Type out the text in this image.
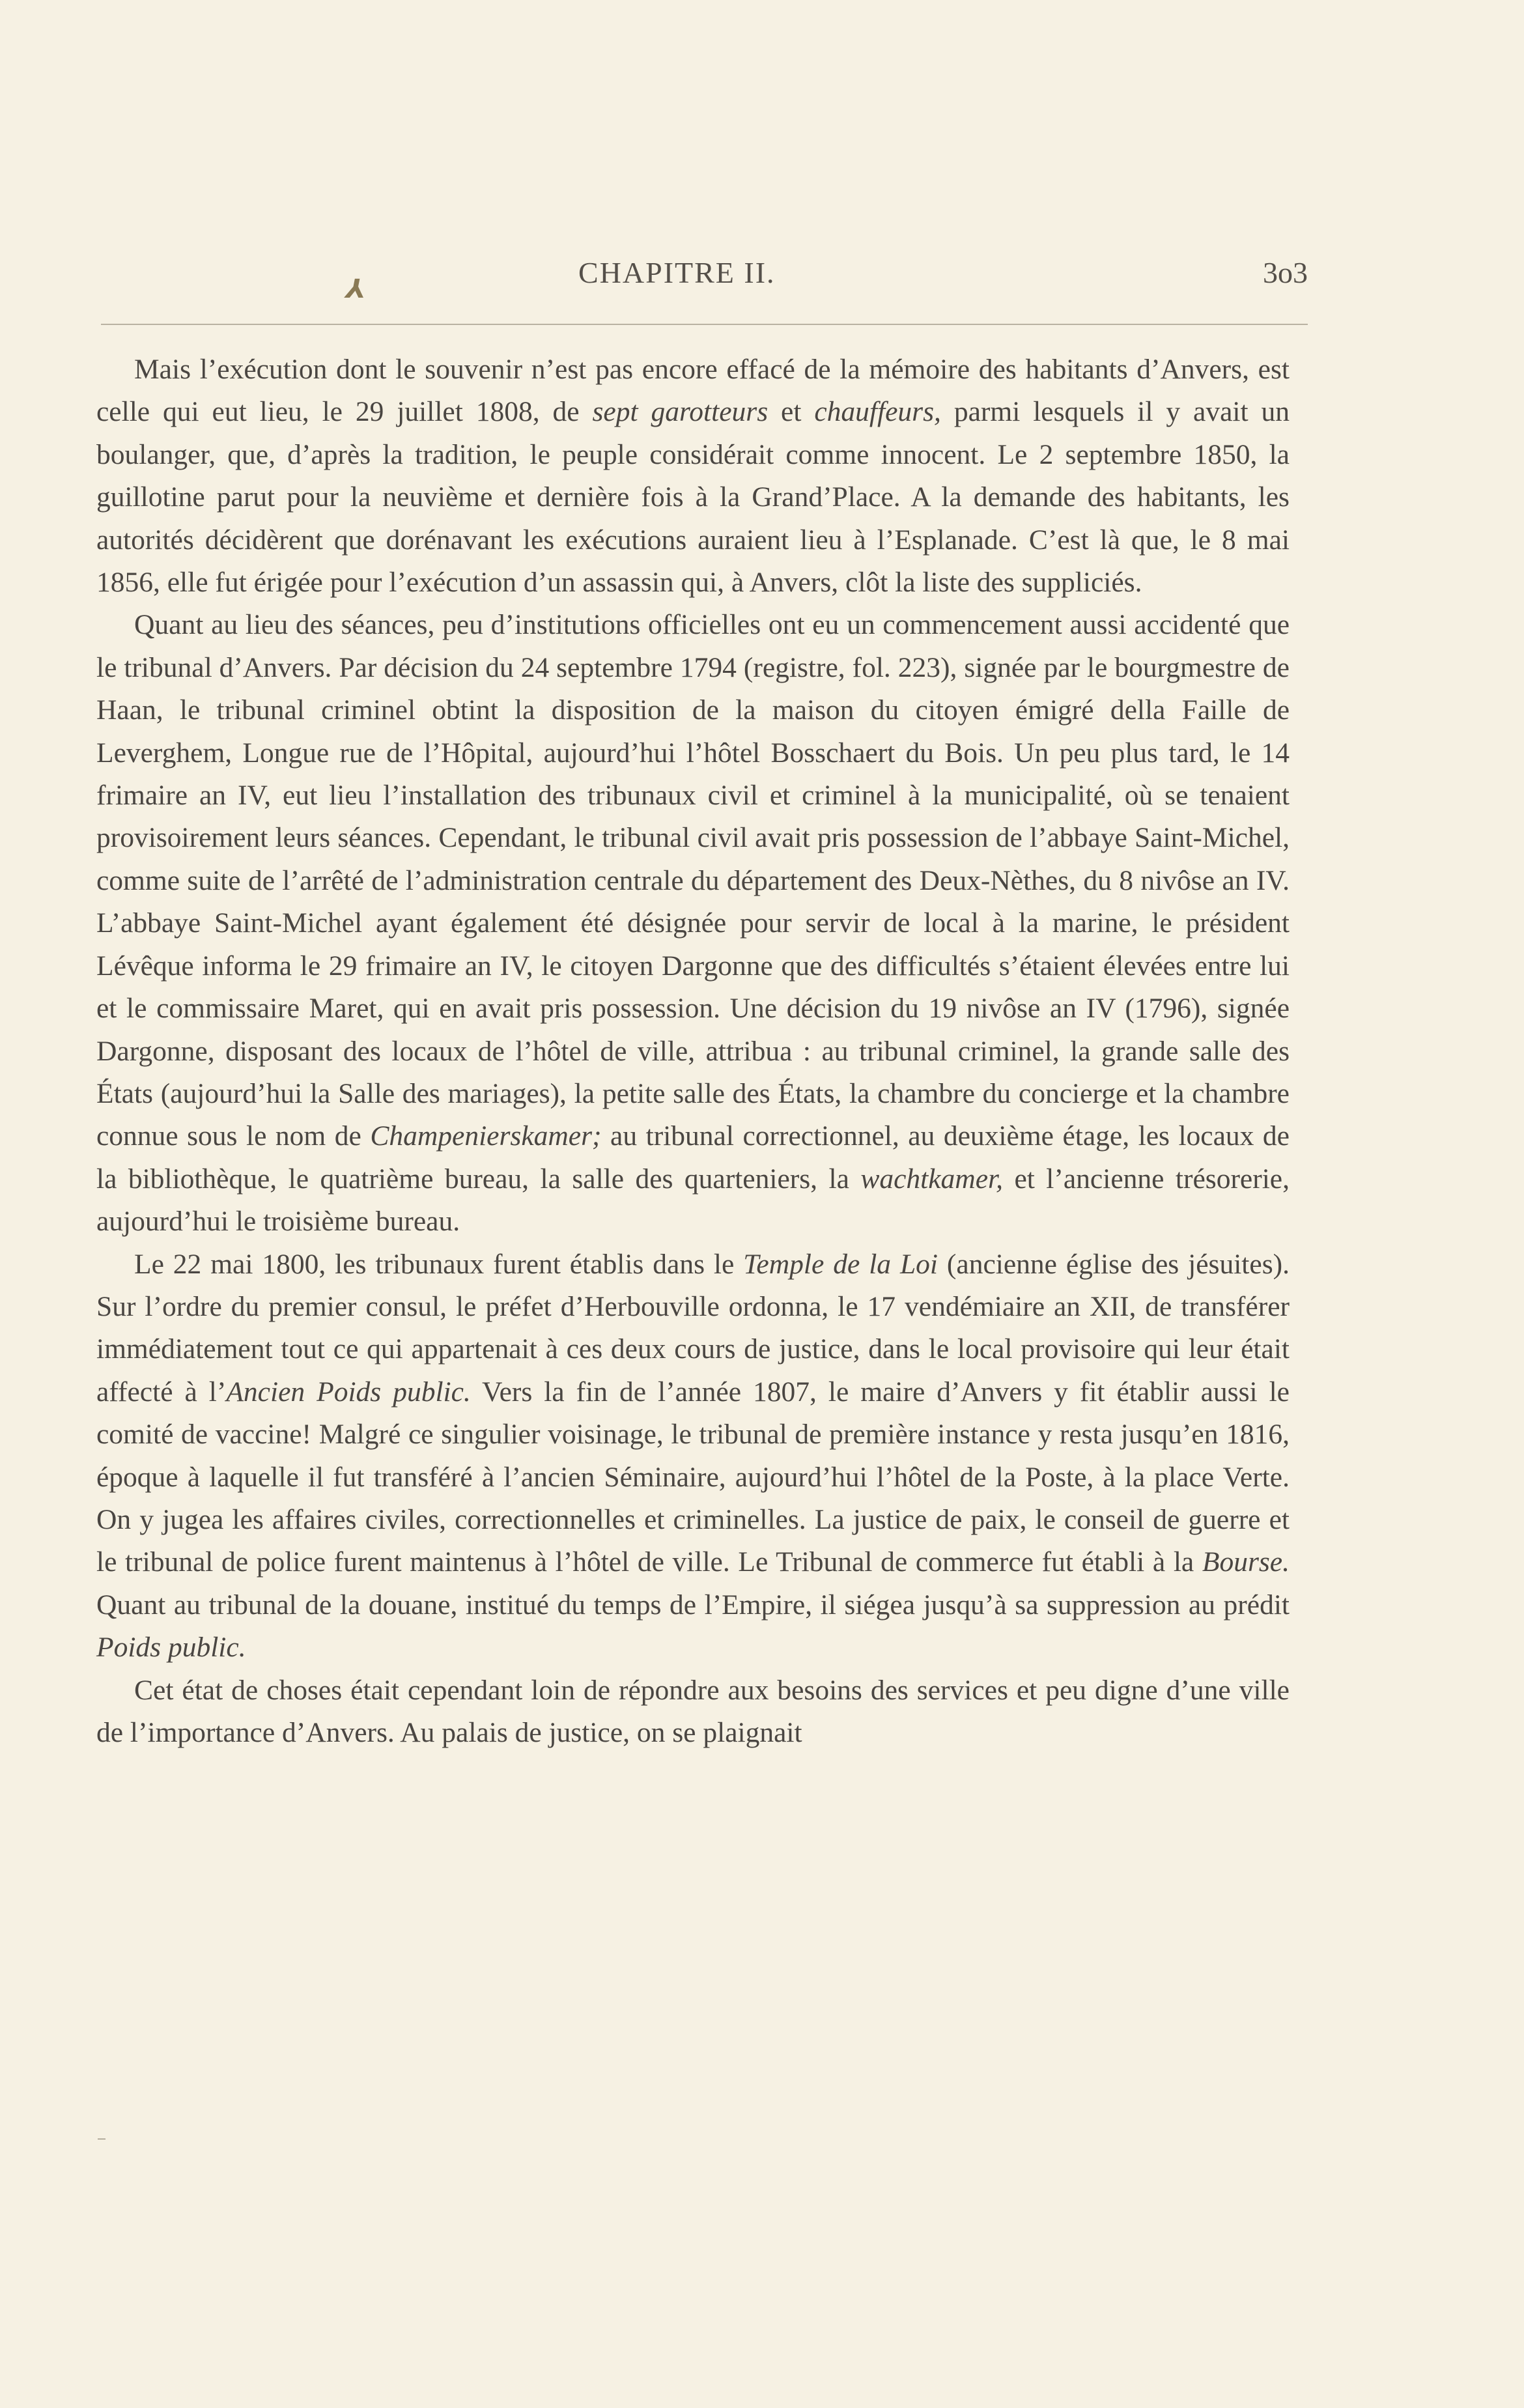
⅄	CHAPITRE II.	3o3

Mais l’exécution dont le souvenir n’est pas encore effacé de la mémoire des habitants d’Anvers, est celle qui eut lieu, le 29 juillet 1808, de sept garotteurs et chauffeurs, parmi lesquels il y avait un boulanger, que, d’après la tradition, le peuple considérait comme innocent. Le 2 septembre 1850, la guillotine parut pour la neuvième et dernière fois à la Grand’Place. A la demande des habitants, les autorités décidèrent que dorénavant les exécutions auraient lieu à l’Esplanade. C’est là que, le 8 mai 1856, elle fut érigée pour l’exécution d’un assassin qui, à Anvers, clôt la liste des suppliciés.

Quant au lieu des séances, peu d’institutions officielles ont eu un commencement aussi accidenté que le tribunal d’Anvers. Par décision du 24 septembre 1794 (registre, fol. 223), signée par le bourgmestre de Haan, le tribunal criminel obtint la disposition de la maison du citoyen émigré della Faille de Leverghem, Longue rue de l’Hôpital, aujourd’hui l’hôtel Bosschaert du Bois. Un peu plus tard, le 14 frimaire an IV, eut lieu l’installation des tribunaux civil et criminel à la municipalité, où se tenaient provisoirement leurs séances. Cependant, le tribunal civil avait pris possession de l’abbaye Saint-Michel, comme suite de l’arrêté de l’administration centrale du département des Deux-Nèthes, du 8 nivôse an IV. L’abbaye Saint-Michel ayant également été désignée pour servir de local à la marine, le président Lévêque informa le 29 frimaire an IV, le citoyen Dargonne que des difficultés s’étaient élevées entre lui et le commissaire Maret, qui en avait pris possession. Une décision du 19 nivôse an IV (1796), signée Dargonne, disposant des locaux de l’hôtel de ville, attribua : au tribunal criminel, la grande salle des États (aujourd’hui la Salle des mariages), la petite salle des États, la chambre du concierge et la chambre connue sous le nom de Champenierskamer; au tribunal correctionnel, au deuxième étage, les locaux de la bibliothèque, le quatrième bureau, la salle des quarteniers, la wachtkamer, et l’ancienne trésorerie, aujourd’hui le troisième bureau.

Le 22 mai 1800, les tribunaux furent établis dans le Temple de la Loi (ancienne église des jésuites). Sur l’ordre du premier consul, le préfet d’Herbouville ordonna, le 17 vendémiaire an XII, de transférer immédiatement tout ce qui appartenait à ces deux cours de justice, dans le local provisoire qui leur était affecté à l’Ancien Poids public. Vers la fin de l’année 1807, le maire d’Anvers y fit établir aussi le comité de vaccine! Malgré ce singulier voisinage, le tribunal de première instance y resta jusqu’en 1816, époque à laquelle il fut transféré à l’ancien Séminaire, aujourd’hui l’hôtel de la Poste, à la place Verte. On y jugea les affaires civiles, correctionnelles et criminelles. La justice de paix, le conseil de guerre et le tribunal de police furent maintenus à l’hôtel de ville. Le Tribunal de commerce fut établi à la Bourse. Quant au tribunal de la douane, institué du temps de l’Empire, il siégea jusqu’à sa suppression au prédit Poids public.

Cet état de choses était cependant loin de répondre aux besoins des services et peu digne d’une ville de l’importance d’Anvers. Au palais de justice, on se plaignait
